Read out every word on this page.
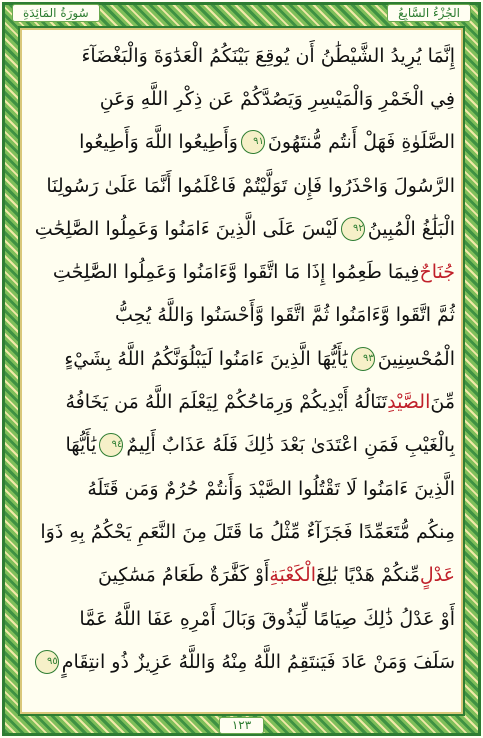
سُورَةُ المَائِدَةِ	الجُزْءُ السَّابِعُ
إِنَّمَا يُرِيدُ الشَّيْطَٰنُ أَن يُوقِعَ بَيْنَكُمُ الْعَدَٰوَةَ وَالْبَغْضَآءَ
فِي الْخَمْرِ وَالْمَيْسِرِ وَيَصُدَّكُمْ عَن ذِكْرِ اللَّهِ وَعَنِ
الصَّلَوٰةِ فَهَلْ أَنتُم مُّنتَهُونَ
٩١
وَأَطِيعُوا اللَّهَ وَأَطِيعُوا
الرَّسُولَ وَاحْذَرُوا فَإِن تَوَلَّيْتُمْ فَاعْلَمُوا أَنَّمَا عَلَىٰ رَسُولِنَا
الْبَلَٰغُ الْمُبِينُ
٩٢
لَيْسَ عَلَى الَّذِينَ ءَامَنُوا وَعَمِلُوا الصَّٰلِحَٰتِ
جُنَاحٌ
فِيمَا طَعِمُوا إِذَا مَا اتَّقَوا وَّءَامَنُوا وَعَمِلُوا الصَّٰلِحَٰتِ
ثُمَّ اتَّقَوا وَّءَامَنُوا ثُمَّ اتَّقَوا وَّأَحْسَنُوا وَاللَّهُ يُحِبُّ
الْمُحْسِنِينَ
٩٣
يَٰأَيُّهَا الَّذِينَ ءَامَنُوا لَيَبْلُوَنَّكُمُ اللَّهُ بِشَيْءٍ
مِّنَ
الصَّيْدِ
تَنَالُهُ أَيْدِيكُمْ وَرِمَاحُكُمْ لِيَعْلَمَ اللَّهُ مَن يَخَافُهُ
بِالْغَيْبِ فَمَنِ اعْتَدَىٰ بَعْدَ ذَٰلِكَ فَلَهُ عَذَابٌ أَلِيمٌ
٩٤
يَٰأَيُّهَا
الَّذِينَ ءَامَنُوا لَا تَقْتُلُوا الصَّيْدَ وَأَنتُمْ حُرُمٌ وَمَن قَتَلَهُ
مِنكُم مُّتَعَمِّدًا فَجَزَآءٌ مِّثْلُ مَا قَتَلَ مِنَ النَّعَمِ يَحْكُمُ بِهِ ذَوَا
عَدْلٍ
مِّنكُمْ هَدْيًا بَٰلِغَ
الْكَعْبَةِ
أَوْ كَفَّٰرَةٌ طَعَامُ مَسَٰكِينَ
أَوْ عَدْلُ ذَٰلِكَ صِيَامًا لِّيَذُوقَ وَبَالَ أَمْرِهِ عَفَا اللَّهُ عَمَّا
سَلَفَ وَمَنْ عَادَ فَيَنتَقِمُ اللَّهُ مِنْهُ وَاللَّهُ عَزِيزٌ ذُو انتِقَامٍ
٩٥
١٢٣
